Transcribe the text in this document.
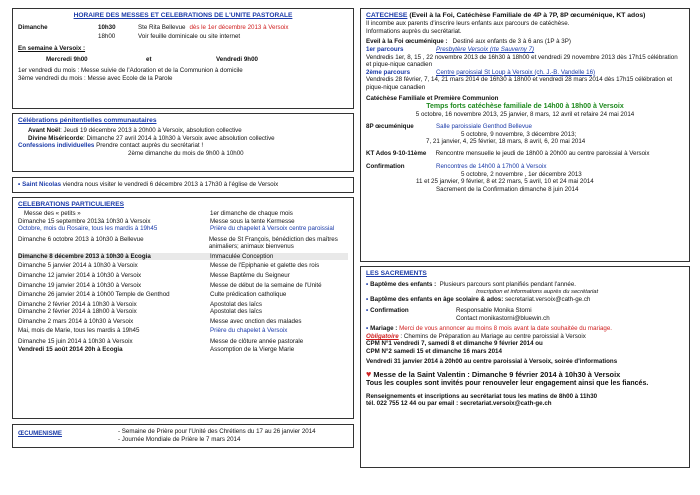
HORAIRE DES MESSES ET CELEBRATIONS DE L'UNITE PASTORALE
Dimanche	10h30	Ste Rita Bellevue dès le 1er décembre 2013 à Versoix
18h00	Voir feuille dominicale ou site internet
En semaine à Versoix :
Mercredi 9h00	et	Vendredi 9h00
1er vendredi du mois : Messe suivie de l'Adoration et de la Communion à domicile
3ème vendredi du mois : Messe avec Ecole de la Parole
Célébrations pénitentielles communautaires
Avant Noël: Jeudi 19 décembre 2013 à 20h00 à Versoix, absolution collective
Divine Miséricorde: Dimanche 27 avril 2014 à 10h30 à Versoix avec absolution collective
Confessions individuelles Prendre contact auprès du secrétariat !
2ème dimanche du mois de 9h00 à 10h00
• Saint Nicolas viendra nous visiter le vendredi 6 décembre 2013 à 17h30 à l'église de Versoix
CELEBRATIONS PARTICULIERES
Messe des « petits »	1er dimanche de chaque mois
Dimanche 15 septembre 2013à 10h30 à Versoix	Messe sous la tente Kermesse
Octobre, mois du Rosaire, tous les mardis à 19h45	Prière du chapelet à Versoix centre paroissial
Dimanche 6 octobre 2013 à 10h30 à Bellevue	Messe de St François, bénédiction des maîtres animaliers; animaux bienvenus
Dimanche 8 décembre 2013 à 10h30 à Ecogia	Immaculée Conception
Dimanche 5 janvier 2014 à 10h30 à Versoix	Messe de l'Epiphanie et galette des rois
Dimanche 12 janvier 2014 à 10h30 à Versoix	Messe Baptême du Seigneur
Dimanche 19 janvier 2014 à 10h30 à Versoix	Messe de début de la semaine de l'Unité
Dimanche 26 janvier 2014 à 10h00 Temple de Genthod	Culte prédication catholique
Dimanche 2 février 2014 à 10h30 à Versoix	Apostolat des laïcs
Dimanche 2 février 2014 à 18h00 à Versoix	Apostolat des laïcs
Dimanche 2 mars 2014 à 10h30 à Versoix	Messe avec onction des malades
Mai, mois de Marie, tous les mardis à 19h45	Prière du chapelet à Versoix
Dimanche 15 juin 2014 à 10h30 à Versoix	Messe de clôture année pastorale
Vendredi 15 août 2014 20h à Ecogia	Assomption de la Vierge Marie
ŒCUMENISME	- Semaine de Prière pour l'Unité des Chrétiens du 17 au 26 janvier 2014
- Journée Mondiale de Prière le 7 mars 2014
CATECHESE (Eveil à la Foi, Catéchèse Familiale de 4P à 7P, 8P œcuménique, KT ados)
Il incombe aux parents d'inscrire leurs enfants aux parcours de catéchèse.
Informations auprès du secrétariat.
Eveil à la Foi œcuménique : Destiné aux enfants de 3 à 6 ans (1P à 3P)
1er parcours	Presbytère Versoix (rte Sauverny 7)
Vendredis 1er, 8, 15 , 22 novembre 2013 de 16h30 à 18h00 et vendredi 29 novembre 2013 dès 17h15 célébration et pique-nique canadien
2ème parcours	Centre paroissial St Loup à Versoix (ch. J.-B. Vandelle 16)
Vendredis 28 février, 7, 14, 21 mars 2014 de 16h30 à 18h00 et vendredi 28 mars 2014 dès 17h15 célébration et pique-nique canadien
Catéchèse Familiale et Première Communion
Temps forts catéchèse familiale de 14h00 à 18h00 à Versoix
5 octobre, 16 novembre 2013, 25 janvier, 8 mars, 12 avril et refaire 24 mai 2014
8P œcuménique	Salle paroissiale Genthod Bellevue
5 octobre, 9 novembre, 3 décembre 2013;
7, 21 janvier, 4, 25 février, 18 mars, 8 avril, 6, 20 mai 2014
KT Ados 9-10-11ème	Rencontre mensuelle le jeudi de 18h00 à 20h00 au centre paroissial à Versoix
Confirmation	Rencontres de 14h00 à 17h00 à Versoix
5 octobre, 2 novembre , 1er décembre 2013
11 et 25 janvier, 9 février, 8 et 22 mars, 5 avril, 10 et 24 mai 2014
Sacrement de la Confirmation dimanche 8 juin 2014
LES SACREMENTS
• Baptême des enfants : Plusieurs parcours sont planifiés pendant l'année.
Inscription et informations auprès du secrétariat
• Baptême des enfants en âge scolaire & ados: secretariat.versoix@cath-ge.ch
• Confirmation	Responsable Monika Storni
Contact monikastorni@bluewin.ch
• Mariage : Merci de vous annoncer au moins 8 mois avant la date souhaitée du mariage.
Obligatoire : Chemins de Préparation au Mariage au centre paroissial à Versoix
CPM N°1 vendredi 7, samedi 8 et dimanche 9 février 2014 ou
CPM N°2 samedi 15 et dimanche 16 mars 2014
Vendredi 31 janvier 2014 à 20h00 au centre paroissial à Versoix, soirée d'informations
♥ Messe de la Saint Valentin : Dimanche 9 février 2014 à 10h30 à Versoix
Tous les couples sont invités pour renouveler leur engagement ainsi que les fiancés.
Renseignements et inscriptions au secrétariat tous les matins de 8h00 à 11h30
tél. 022 755 12 44 ou par email : secretariat.versoix@cath-ge.ch
